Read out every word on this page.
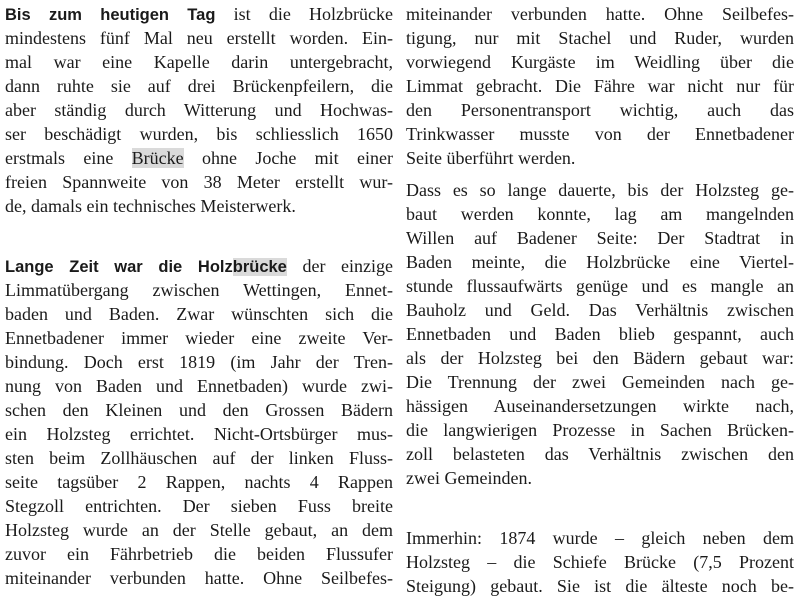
Bis zum heutigen Tag ist die Holzbrücke
mindestens fünf Mal neu erstellt worden. Ein-
mal war eine Kapelle darin untergebracht,
dann ruhte sie auf drei Brückenpfeilern, die
aber ständig durch Witterung und Hochwas-
ser beschädigt wurden, bis schliesslich 1650
erstmals eine Brücke ohne Joche mit einer
freien Spannweite von 38 Meter erstellt wur-
de, damals ein technisches Meisterwerk.
Lange Zeit war die Holzbrücke der einzige
Limmatübergang zwischen Wettingen, Ennet-
baden und Baden. Zwar wünschten sich die
Ennetbadener immer wieder eine zweite Ver-
bindung. Doch erst 1819 (im Jahr der Tren-
nung von Baden und Ennetbaden) wurde zwi-
schen den Kleinen und den Grossen Bädern
ein Holzsteg errichtet. Nicht-Ortsbürger mus-
sten beim Zollhäuschen auf der linken Fluss-
seite tagsüber 2 Rappen, nachts 4 Rappen
Stegzoll entrichten. Der sieben Fuss breite
Holzsteg wurde an der Stelle gebaut, an dem
zuvor ein Fährbetrieb die beiden Flussufer
miteinander verbunden hatte. Ohne Seilbefes-
miteinander verbunden hatte. Ohne Seilbefes-
tigung, nur mit Stachel und Ruder, wurden
vorwiegend Kurgäste im Weidling über die
Limmat gebracht. Die Fähre war nicht nur für
den Personentransport wichtig, auch das
Trinkwasser musste von der Ennetbadener
Seite überführt werden.
Dass es so lange dauerte, bis der Holzsteg ge-
baut werden konnte, lag am mangelnden
Willen auf Badener Seite: Der Stadtrat in
Baden meinte, die Holzbrücke eine Viertel-
stunde flussaufwärts genüge und es mangle an
Bauholz und Geld. Das Verhältnis zwischen
Ennetbaden und Baden blieb gespannt, auch
als der Holzsteg bei den Bädern gebaut war:
Die Trennung der zwei Gemeinden nach ge-
hässigen Auseinandersetzungen wirkte nach,
die langwierigen Prozesse in Sachen Brücken-
zoll belasteten das Verhältnis zwischen den
zwei Gemeinden.
Immerhin: 1874 wurde – gleich neben dem
Holzsteg – die Schiefe Brücke (7,5 Prozent
Steigung) gebaut. Sie ist die älteste noch be-
